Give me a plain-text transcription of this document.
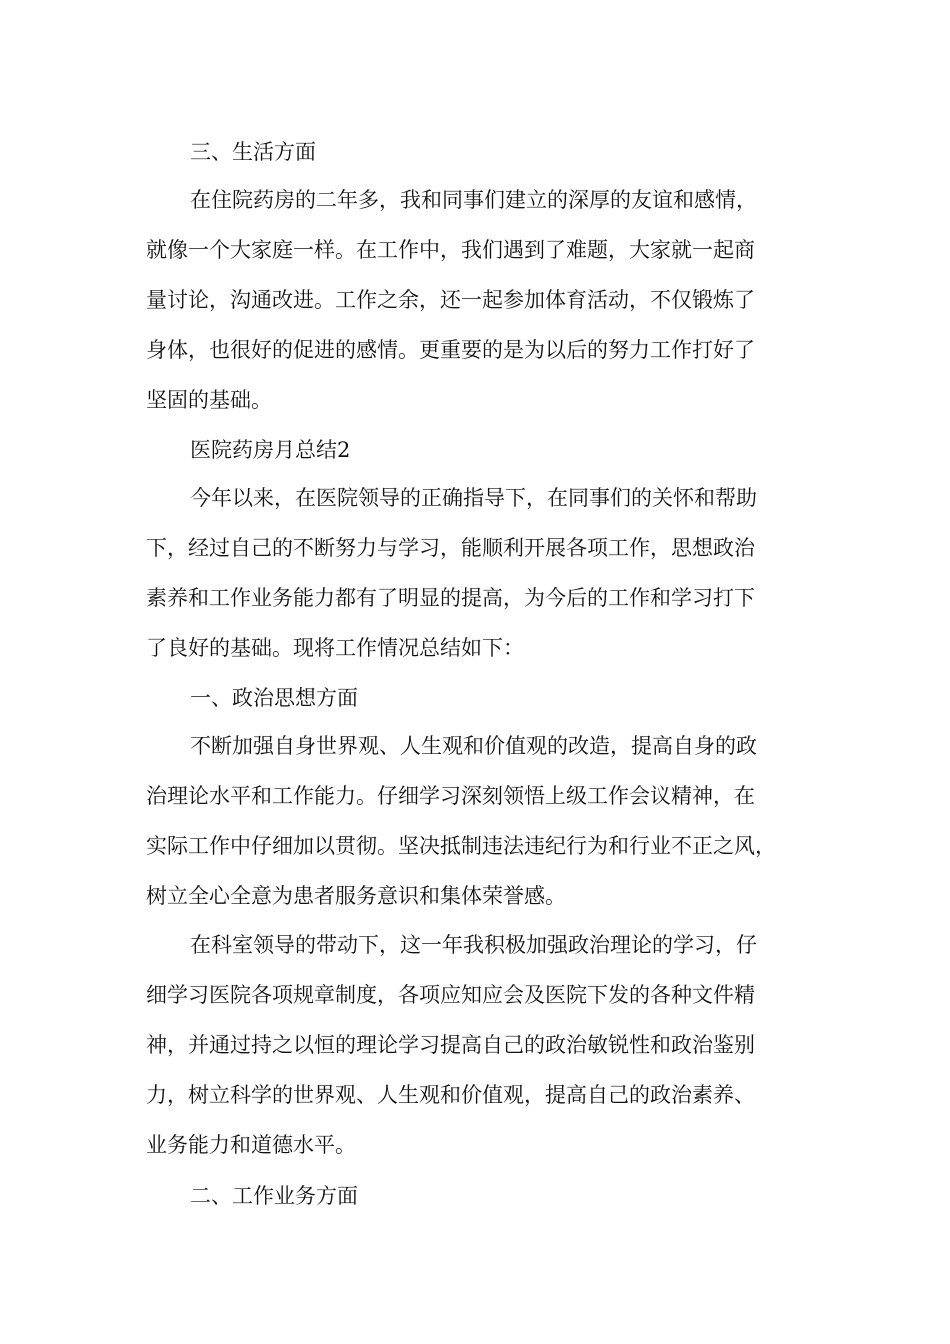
三、生活方面
在住院药房的二年多，我和同事们建立的深厚的友谊和感情，
就像一个大家庭一样。在工作中，我们遇到了难题，大家就一起商
量讨论，沟通改进。工作之余，还一起参加体育活动，不仅锻炼了
身体，也很好的促进的感情。更重要的是为以后的努力工作打好了
坚固的基础。
医院药房月总结2
今年以来，在医院领导的正确指导下，在同事们的关怀和帮助
下，经过自己的不断努力与学习，能顺利开展各项工作，思想政治
素养和工作业务能力都有了明显的提高，为今后的工作和学习打下
了良好的基础。现将工作情况总结如下：
一、政治思想方面
不断加强自身世界观、人生观和价值观的改造，提高自身的政
治理论水平和工作能力。仔细学习深刻领悟上级工作会议精神，在
实际工作中仔细加以贯彻。坚决抵制违法违纪行为和行业不正之风，
树立全心全意为患者服务意识和集体荣誉感。
在科室领导的带动下，这一年我积极加强政治理论的学习，仔
细学习医院各项规章制度，各项应知应会及医院下发的各种文件精
神，并通过持之以恒的理论学习提高自己的政治敏锐性和政治鉴别
力，树立科学的世界观、人生观和价值观，提高自己的政治素养、
业务能力和道德水平。
二、工作业务方面
